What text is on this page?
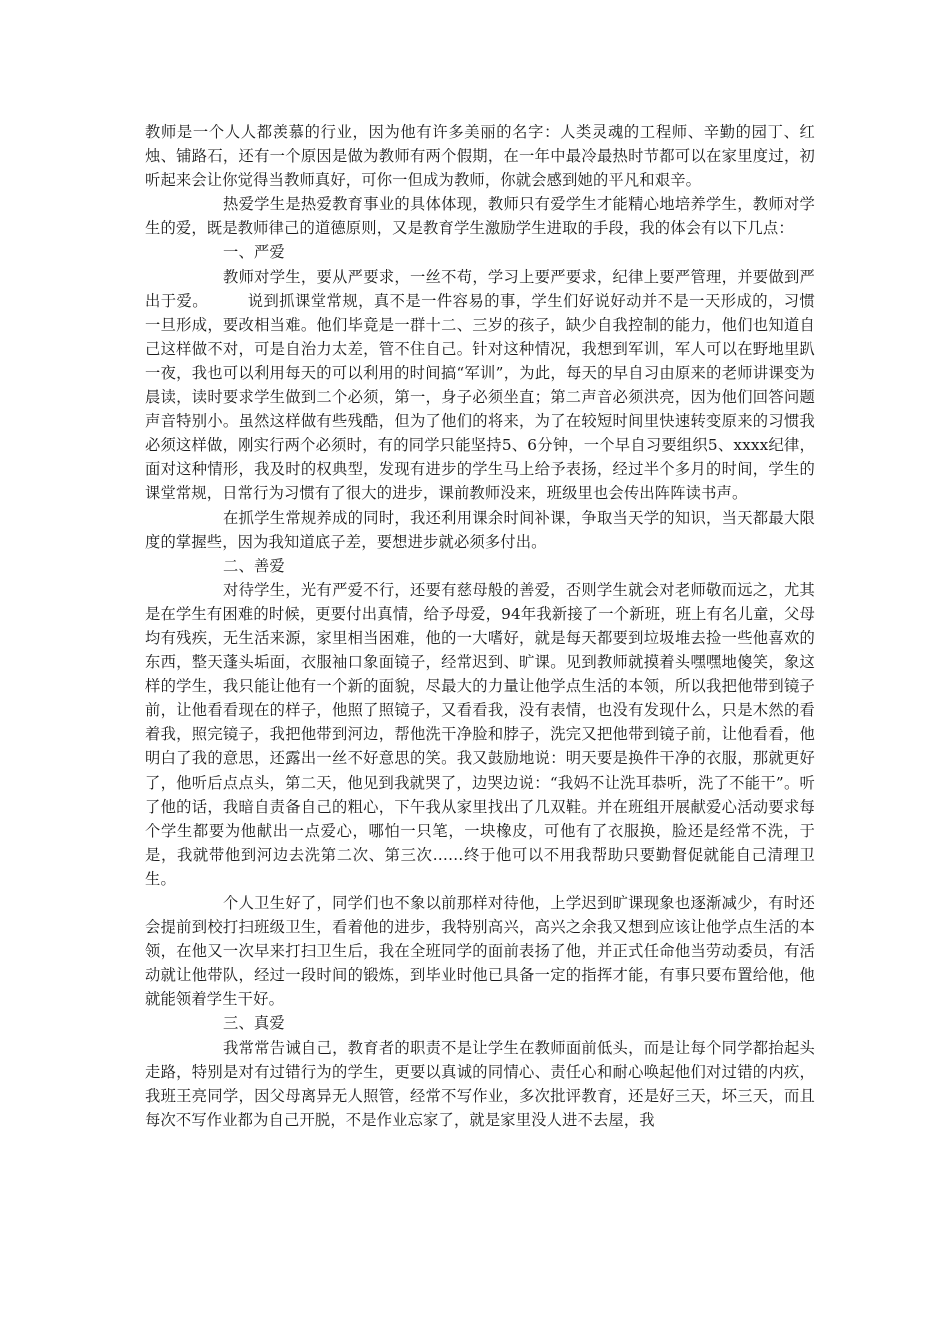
教师是一个人人都羡慕的行业，因为他有许多美丽的名字：人类灵魂的工程师、辛勤的园丁、红烛、铺路石，还有一个原因是做为教师有两个假期，在一年中最冷最热时节都可以在家里度过，初听起来会让你觉得当教师真好，可你一但成为教师，你就会感到她的平凡和艰辛。

热爱学生是热爱教育事业的具体体现，教师只有爱学生才能精心地培养学生，教师对学生的爱，既是教师律己的道德原则，又是教育学生激励学生进取的手段，我的体会有以下几点：

一、严爱

教师对学生，要从严要求，一丝不苟，学习上要严要求，纪律上要严管理，并要做到严出于爱。　　　说到抓课堂常规，真不是一件容易的事，学生们好说好动并不是一天形成的，习惯一旦形成，要改相当难。他们毕竟是一群十二、三岁的孩子，缺少自我控制的能力，他们也知道自己这样做不对，可是自治力太差，管不住自己。针对这种情况，我想到军训，军人可以在野地里趴一夜，我也可以利用每天的可以利用的时间搞“军训”，为此，每天的早自习由原来的老师讲课变为晨读，读时要求学生做到二个必须，第一，身子必须坐直；第二声音必须洪亮，因为他们回答问题声音特别小。虽然这样做有些残酷，但为了他们的将来，为了在较短时间里快速转变原来的习惯我必须这样做，刚实行两个必须时，有的同学只能坚持5、6分钟，一个早自习要组织5、xxxx纪律，面对这种情形，我及时的权典型，发现有进步的学生马上给予表扬，经过半个多月的时间，学生的课堂常规，日常行为习惯有了很大的进步，课前教师没来，班级里也会传出阵阵读书声。

在抓学生常规养成的同时，我还利用课余时间补课，争取当天学的知识，当天都最大限度的掌握些，因为我知道底子差，要想进步就必须多付出。

二、善爱

对待学生，光有严爱不行，还要有慈母般的善爱，否则学生就会对老师敬而远之，尤其是在学生有困难的时候，更要付出真情，给予母爱，94年我新接了一个新班，班上有名儿童，父母均有残疾，无生活来源，家里相当困难，他的一大嗜好，就是每天都要到垃圾堆去捡一些他喜欢的东西，整天蓬头垢面，衣服袖口象面镜子，经常迟到、旷课。见到教师就摸着头嘿嘿地傻笑，象这样的学生，我只能让他有一个新的面貌，尽最大的力量让他学点生活的本领，所以我把他带到镜子前，让他看看现在的样子，他照了照镜子，又看看我，没有表情，也没有发现什么，只是木然的看着我，照完镜子，我把他带到河边，帮他洗干净脸和脖子，洗完又把他带到镜子前，让他看看，他明白了我的意思，还露出一丝不好意思的笑。我又鼓励地说：明天要是换件干净的衣服，那就更好了，他听后点点头，第二天，他见到我就哭了，边哭边说：“我妈不让洗耳恭听，洗了不能干”。听了他的话，我暗自责备自己的粗心，下午我从家里找出了几双鞋。并在班组开展献爱心活动要求每个学生都要为他献出一点爱心，哪怕一只笔，一块橡皮，可他有了衣服换，脸还是经常不洗，于是，我就带他到河边去洗第二次、第三次……终于他可以不用我帮助只要勤督促就能自己清理卫生。

个人卫生好了，同学们也不象以前那样对待他，上学迟到旷课现象也逐渐减少，有时还会提前到校打扫班级卫生，看着他的进步，我特别高兴，高兴之余我又想到应该让他学点生活的本领，在他又一次早来打扫卫生后，我在全班同学的面前表扬了他，并正式任命他当劳动委员，有活动就让他带队，经过一段时间的锻炼，到毕业时他已具备一定的指挥才能，有事只要布置给他，他就能领着学生干好。

三、真爱

我常常告诫自己，教育者的职责不是让学生在教师面前低头，而是让每个同学都抬起头走路，特别是对有过错行为的学生，更要以真诚的同情心、责任心和耐心唤起他们对过错的内疚，我班王亮同学，因父母离异无人照管，经常不写作业，多次批评教育，还是好三天，坏三天，而且每次不写作业都为自己开脱，不是作业忘家了，就是家里没人进不去屋，我
